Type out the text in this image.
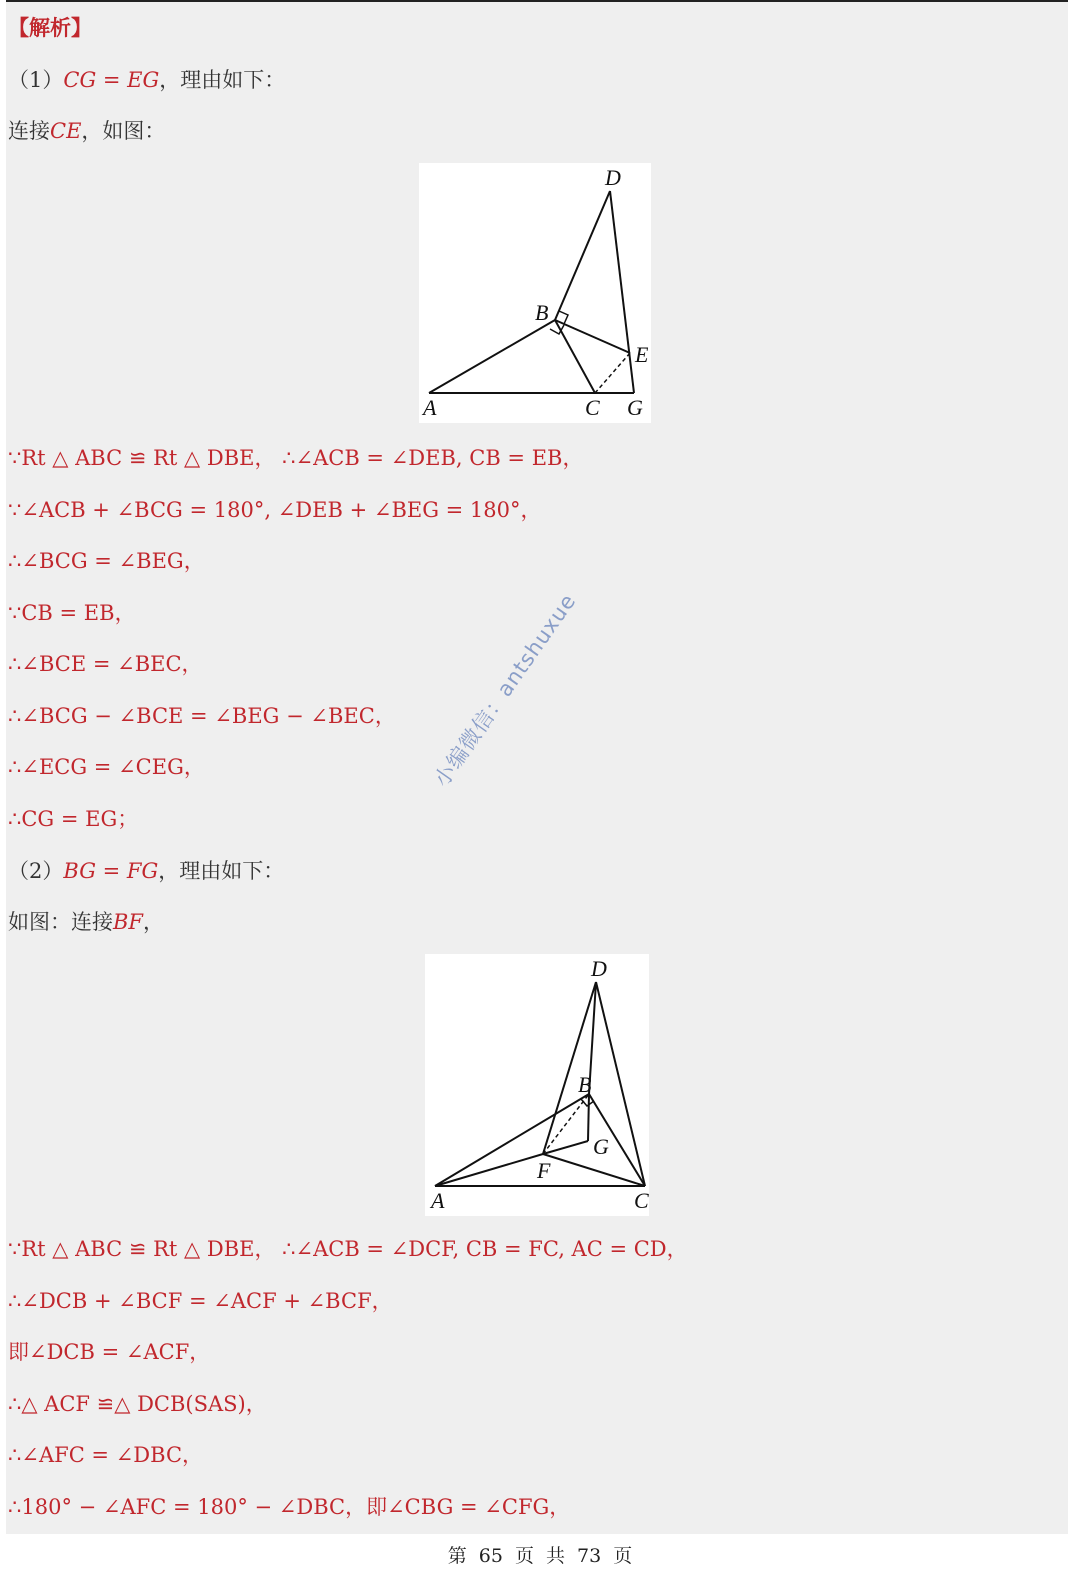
【解析】
（1）CG = EG，理由如下：
连接CE，如图：
D
B
E
A	C G
∵Rt △ ABC ≌ Rt △ DBE， ∴∠ACB = ∠DEB, CB = EB，
∵∠ACB + ∠BCG = 180°, ∠DEB + ∠BEG = 180°，
∴∠BCG = ∠BEG，
∵CB = EB，
∴∠BCE = ∠BEC，
∴∠BCG − ∠BCE = ∠BEG − ∠BEC，
∴∠ECG = ∠CEG，
∴CG = EG；
（2）BG = FG，理由如下：
如图：连接BF，
D
B
G
F
A	C
∵Rt △ ABC ≌ Rt △ DBE， ∴∠ACB = ∠DCF, CB = FC, AC = CD，
∴∠DCB + ∠BCF = ∠ACF + ∠BCF，
即∠DCB = ∠ACF，
∴△ ACF ≌△ DCB(SAS)，
∴∠AFC = ∠DBC，
∴180° − ∠AFC = 180° − ∠DBC，即∠CBG = ∠CFG，
小编微信：antshuxue
第 65 页 共 73 页
